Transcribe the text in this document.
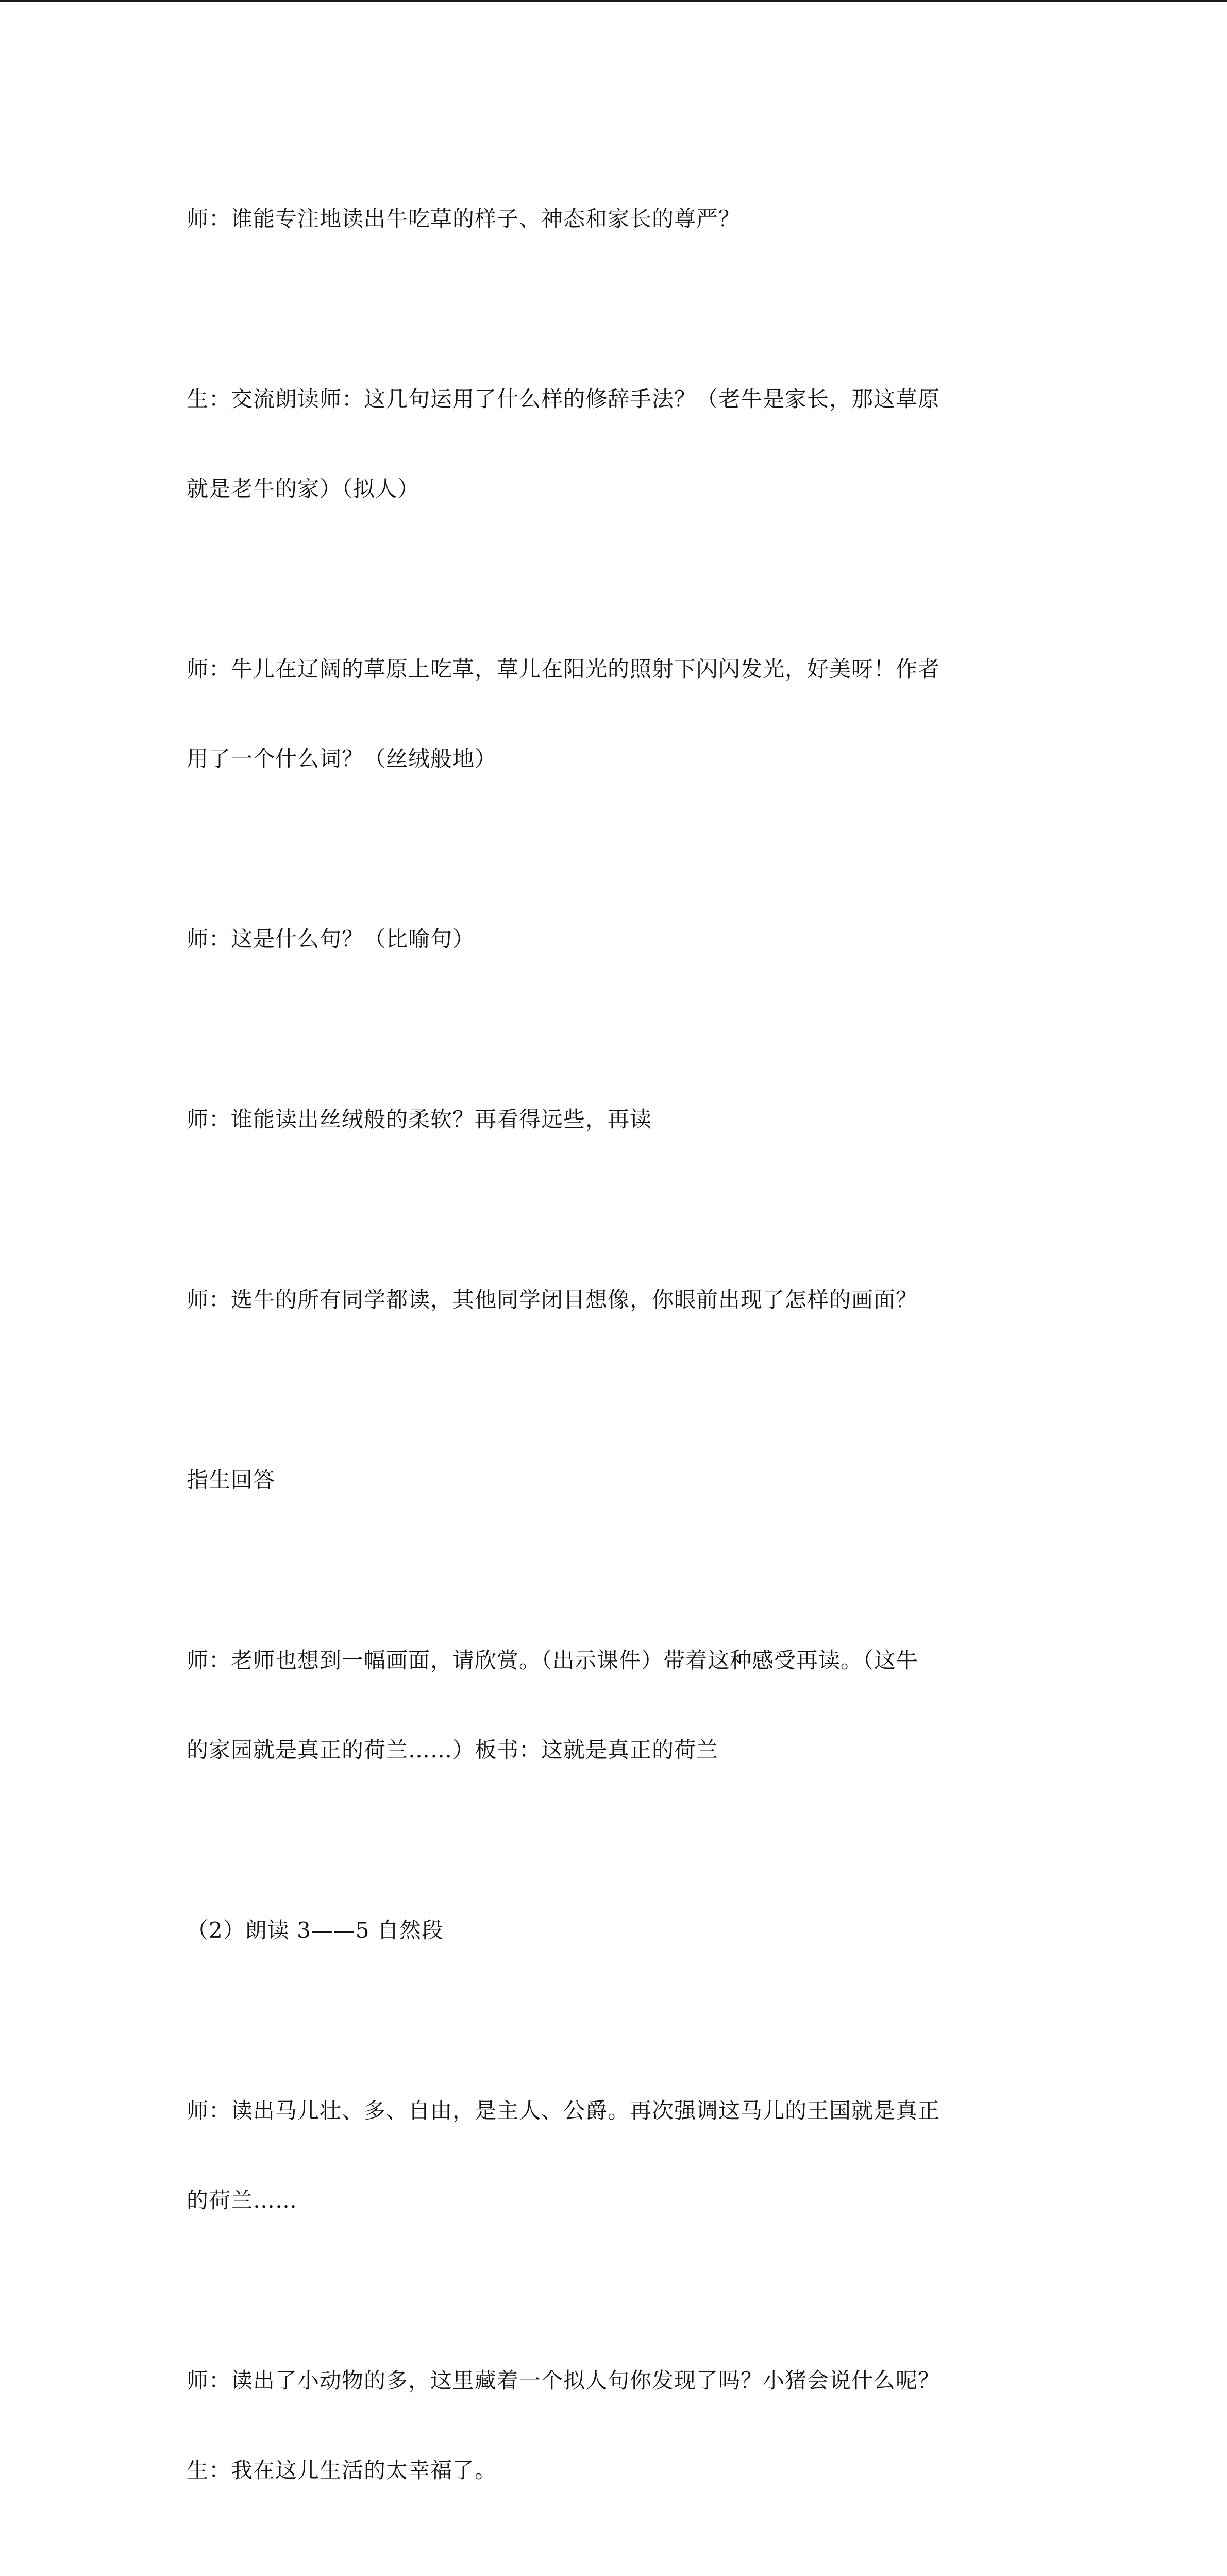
师：谁能专注地读出牛吃草的样子、神态和家长的尊严？

生：交流朗读师：这几句运用了什么样的修辞手法？（老牛是家长，那这草原

就是老牛的家）（拟人）

师：牛儿在辽阔的草原上吃草，草儿在阳光的照射下闪闪发光，好美呀！作者

用了一个什么词？（丝绒般地）

师：这是什么句？（比喻句）

师：谁能读出丝绒般的柔软？再看得远些，再读

师：选牛的所有同学都读，其他同学闭目想像，你眼前出现了怎样的画面？

指生回答

师：老师也想到一幅画面，请欣赏。（出示课件）带着这种感受再读。（这牛

的家园就是真正的荷兰……）板书：这就是真正的荷兰

（2）朗读 3——5 自然段

师：读出马儿壮、多、自由，是主人、公爵。再次强调这马儿的王国就是真正

的荷兰……

师：读出了小动物的多，这里藏着一个拟人句你发现了吗？小猪会说什么呢？

生：我在这儿生活的太幸福了。
